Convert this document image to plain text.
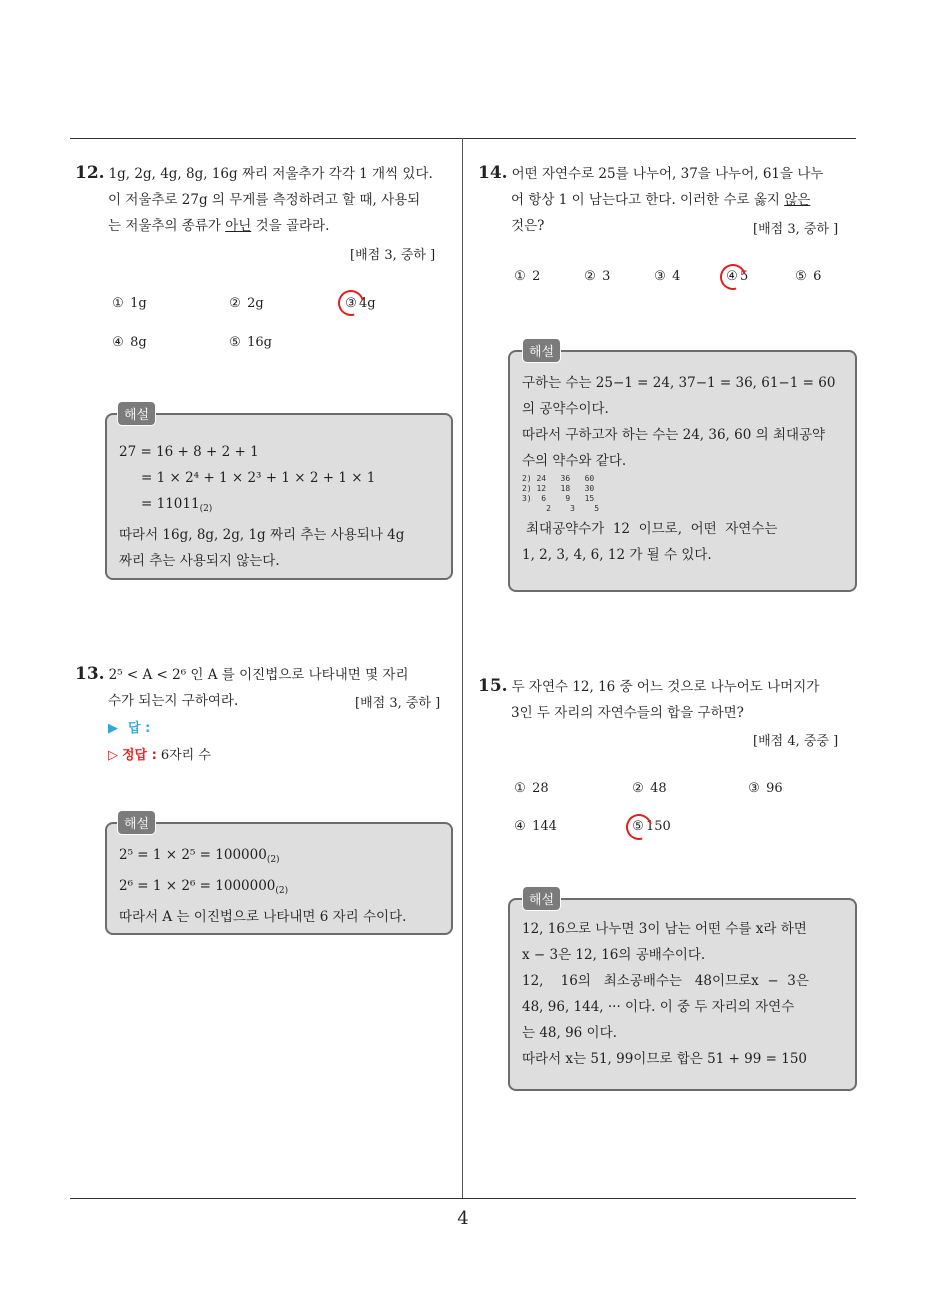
12. 1g, 2g, 4g, 8g, 16g 짜리 저울추가 각각 1 개씩 있다.
이 저울추로 27g 의 무게를 측정하려고 할 때, 사용되
는 저울추의 종류가 아닌 것을 골라라.
[배점 3, 중하 ]
① 1g	② 2g	③ 4g
④ 8g	⑤ 16g
27 = 16 + 8 + 2 + 1
= 1 × 2⁴ + 1 × 2³ + 1 × 2 + 1 × 1
= $11011_{(2)}$
따라서 16g, 8g, 2g, 1g 짜리 추는 사용되나 4g
짜리 추는 사용되지 않는다.
해설
13. 2⁵ < A < 2⁶ 인 A 를 이진법으로 나타내면 몇 자리
수가 되는지 구하여라.	[배점 3, 중하 ]
▶ 답 :
▷ 정답 : 6자리 수
$2^5 = 1 \times 2^5 = 100000_{(2)}$
$2^6 = 1 \times 2^6 = 1000000_{(2)}$
따라서 A 는 이진법으로 나타내면 6 자리 수이다.
해설
14. 어떤 자연수로 25를 나누어, 37을 나누어, 61을 나누
어 항상 1 이 남는다고 한다. 이러한 수로 옳지 않은
것은?	[배점 3, 중하 ]
① 2	② 3	③ 4	④ 5	⑤ 6
구하는 수는 25−1 = 24, 37−1 = 36, 61−1 = 60
의 공약수이다.
따라서 구하고자 하는 수는 24, 36, 60 의 최대공약
수의 약수와 같다.
2) 24   36   60
2) 12   18   30
3)  6    9   15
2    3    5
최대공약수가  12  이므로,  어떤  자연수는
1, 2, 3, 4, 6, 12 가 될 수 있다.
해설
15. 두 자연수 12, 16 중 어느 것으로 나누어도 나머지가
3인 두 자리의 자연수들의 합을 구하면?
[배점 4, 중중 ]
① 28	② 48	③ 96
④ 144	⑤ 150
12, 16으로 나누면 3이 남는 어떤 수를 x라 하면
x − 3은 12, 16의 공배수이다.
12,    16의   최소공배수는   48이므로x  −  3은
48, 96, 144, ··· 이다. 이 중 두 자리의 자연수
는 48, 96 이다.
따라서 x는 51, 99이므로 합은 51 + 99 = 150
해설
4
